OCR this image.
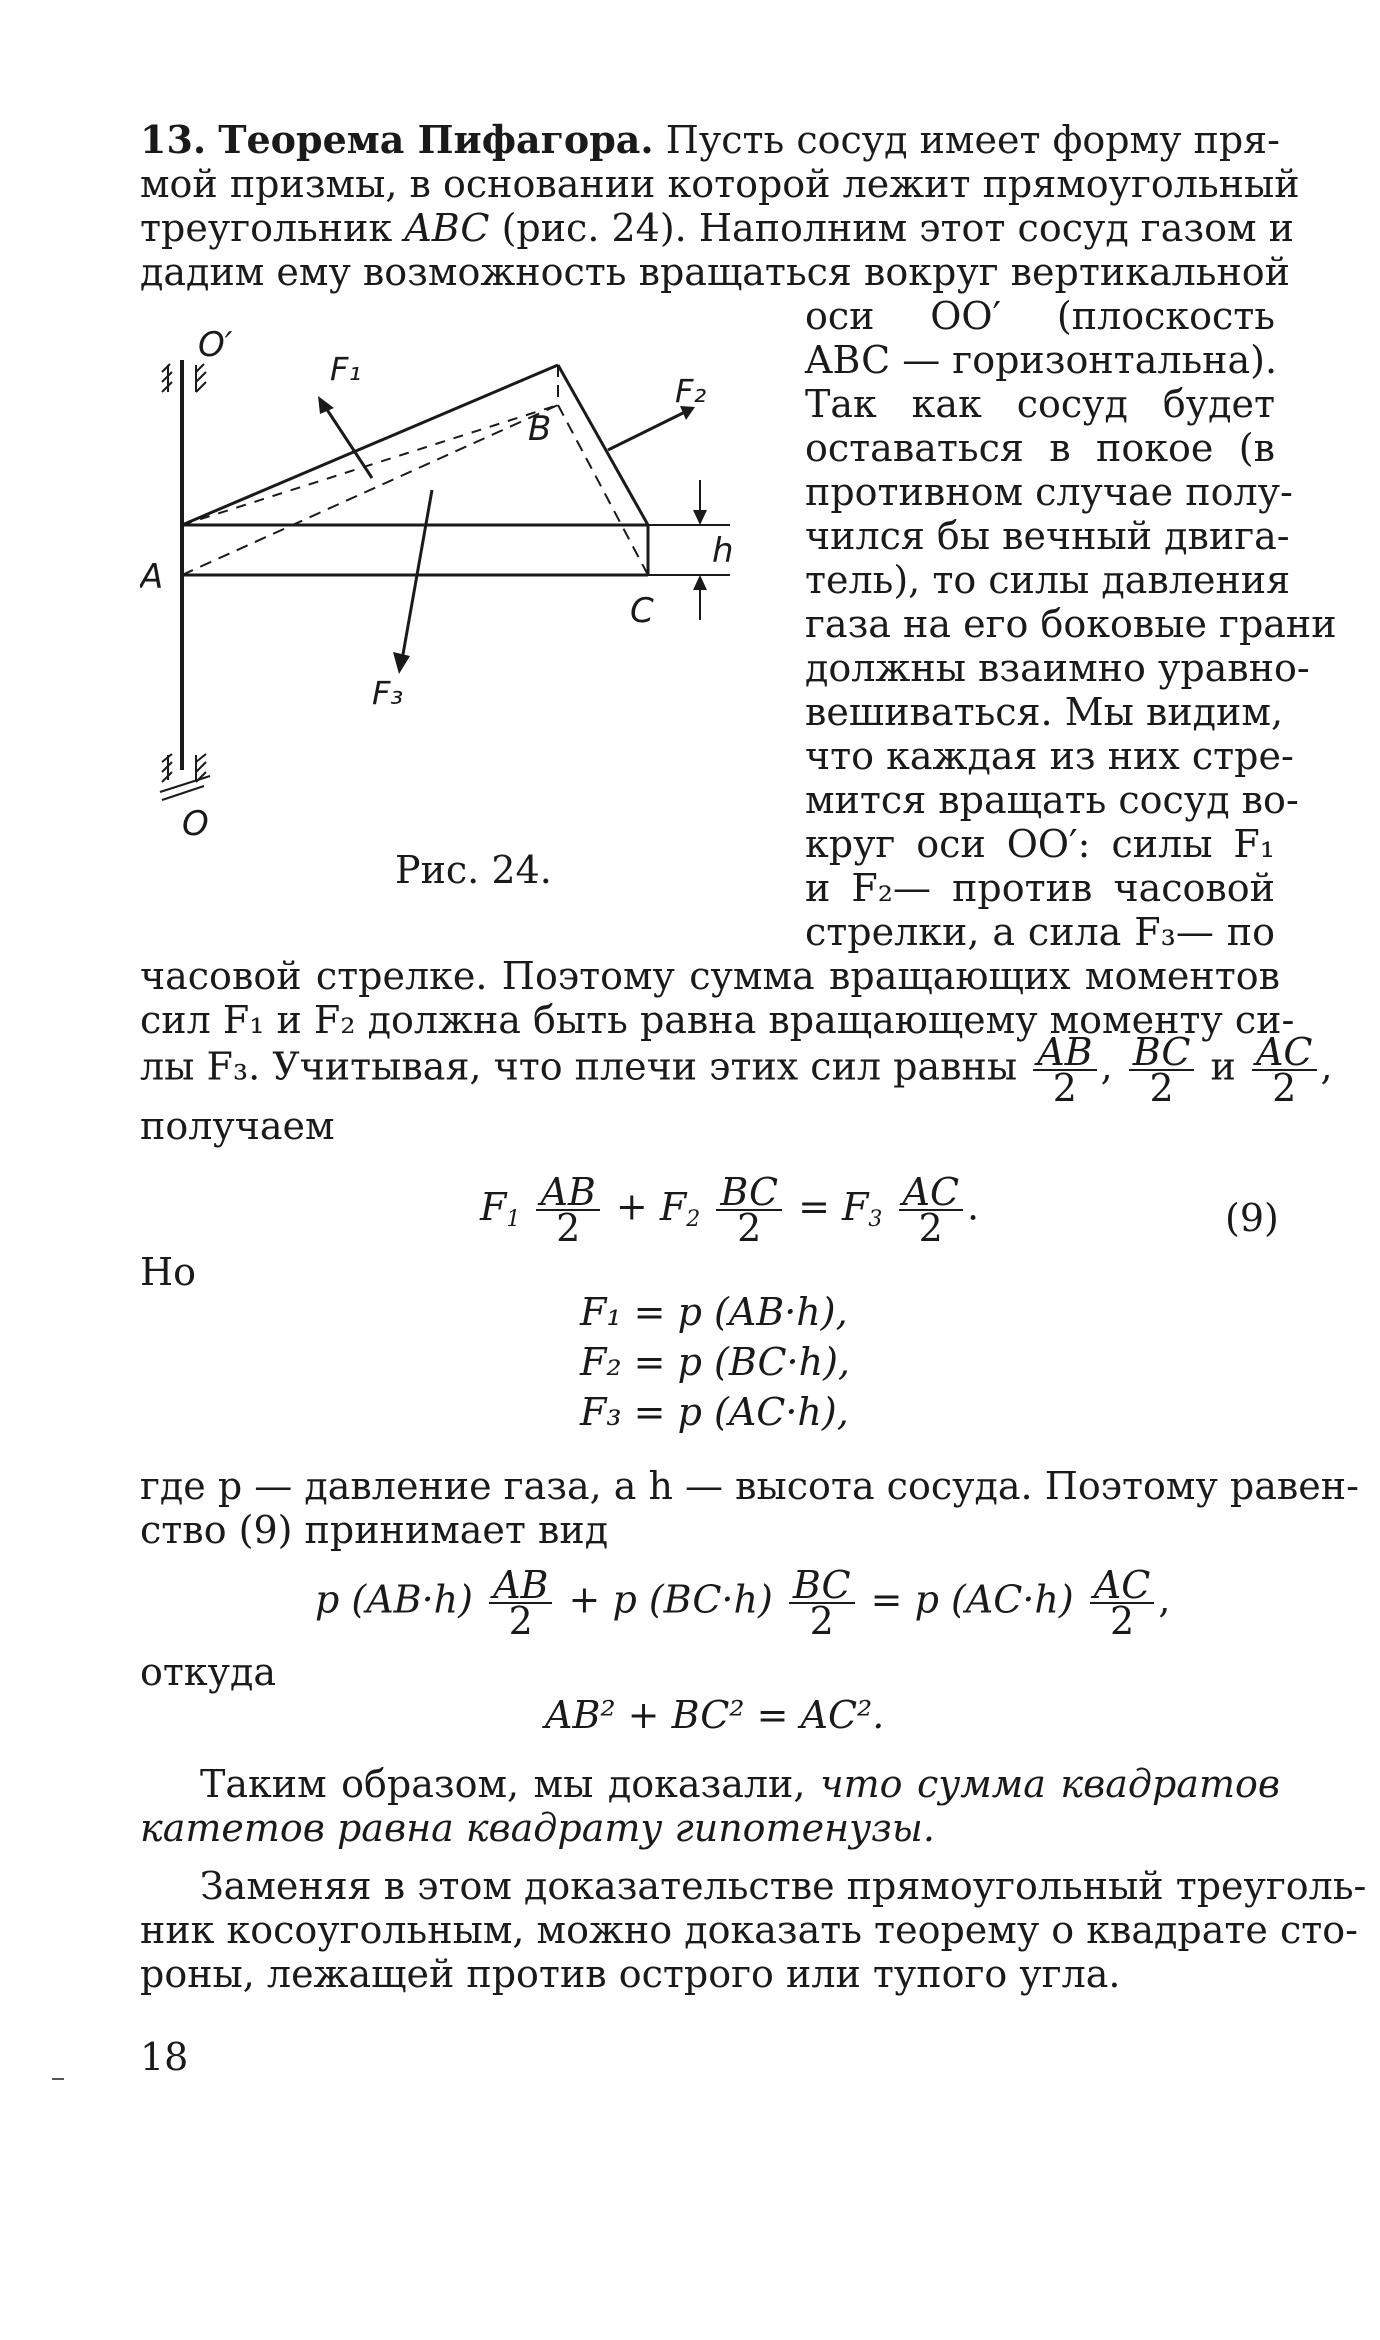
13. Теорема Пифагора. Пусть сосуд имеет форму пря-
мой призмы, в основании которой лежит прямоугольный
треугольник ABC (рис. 24). Наполним этот сосуд газом и
дадим ему возможность вращаться вокруг вертикальной
оси OO′ (плоскость
ABC — горизонтальна).
Так как сосуд будет
оставаться в покое (в
противном случае полу-
чился бы вечный двига-
тель), то силы давления
газа на его боковые грани
должны взаимно уравно-
вешиваться. Мы видим,
что каждая из них стре-
мится вращать сосуд во-
круг оси OO′: силы F₁
и F₂— против часовой
стрелки, а сила F₃— по
O′
O
A
B
C
h
F₁
F₂
F₃
Рис. 24.
часовой стрелке. Поэтому сумма вращающих моментов
сил F₁ и F₂ должна быть равна вращающему моменту си-
лы F₃. Учитывая, что плечи этих сил равны $\frac{AB}{2}$ , $\frac{BC}{2}$ и $\frac{AC}{2}$ ,
получаем
$F_1 \frac{AB}{2} + F_2 \frac{BC}{2} = F_3 \frac{AC}{2}$ .	(9)
Но
F₁ = p (AB·h),
F₂ = p (BC·h),
F₃ = p (AC·h),
где p — давление газа, а h — высота сосуда. Поэтому равен-
ство (9) принимает вид
p $(AB\cdot h) \frac{AB}{2} + p$ $(BC\cdot h) \frac{BC}{2} = p$ $(AC\cdot h) \frac{AC}{2}$ ,
откуда
AB² + BC² = AC².
Таким образом, мы доказали, что сумма квадратов
катетов равна квадрату гипотенузы.
Заменяя в этом доказательстве прямоугольный треуголь-
ник косоугольным, можно доказать теорему о квадрате сто-
роны, лежащей против острого или тупого угла.
18
